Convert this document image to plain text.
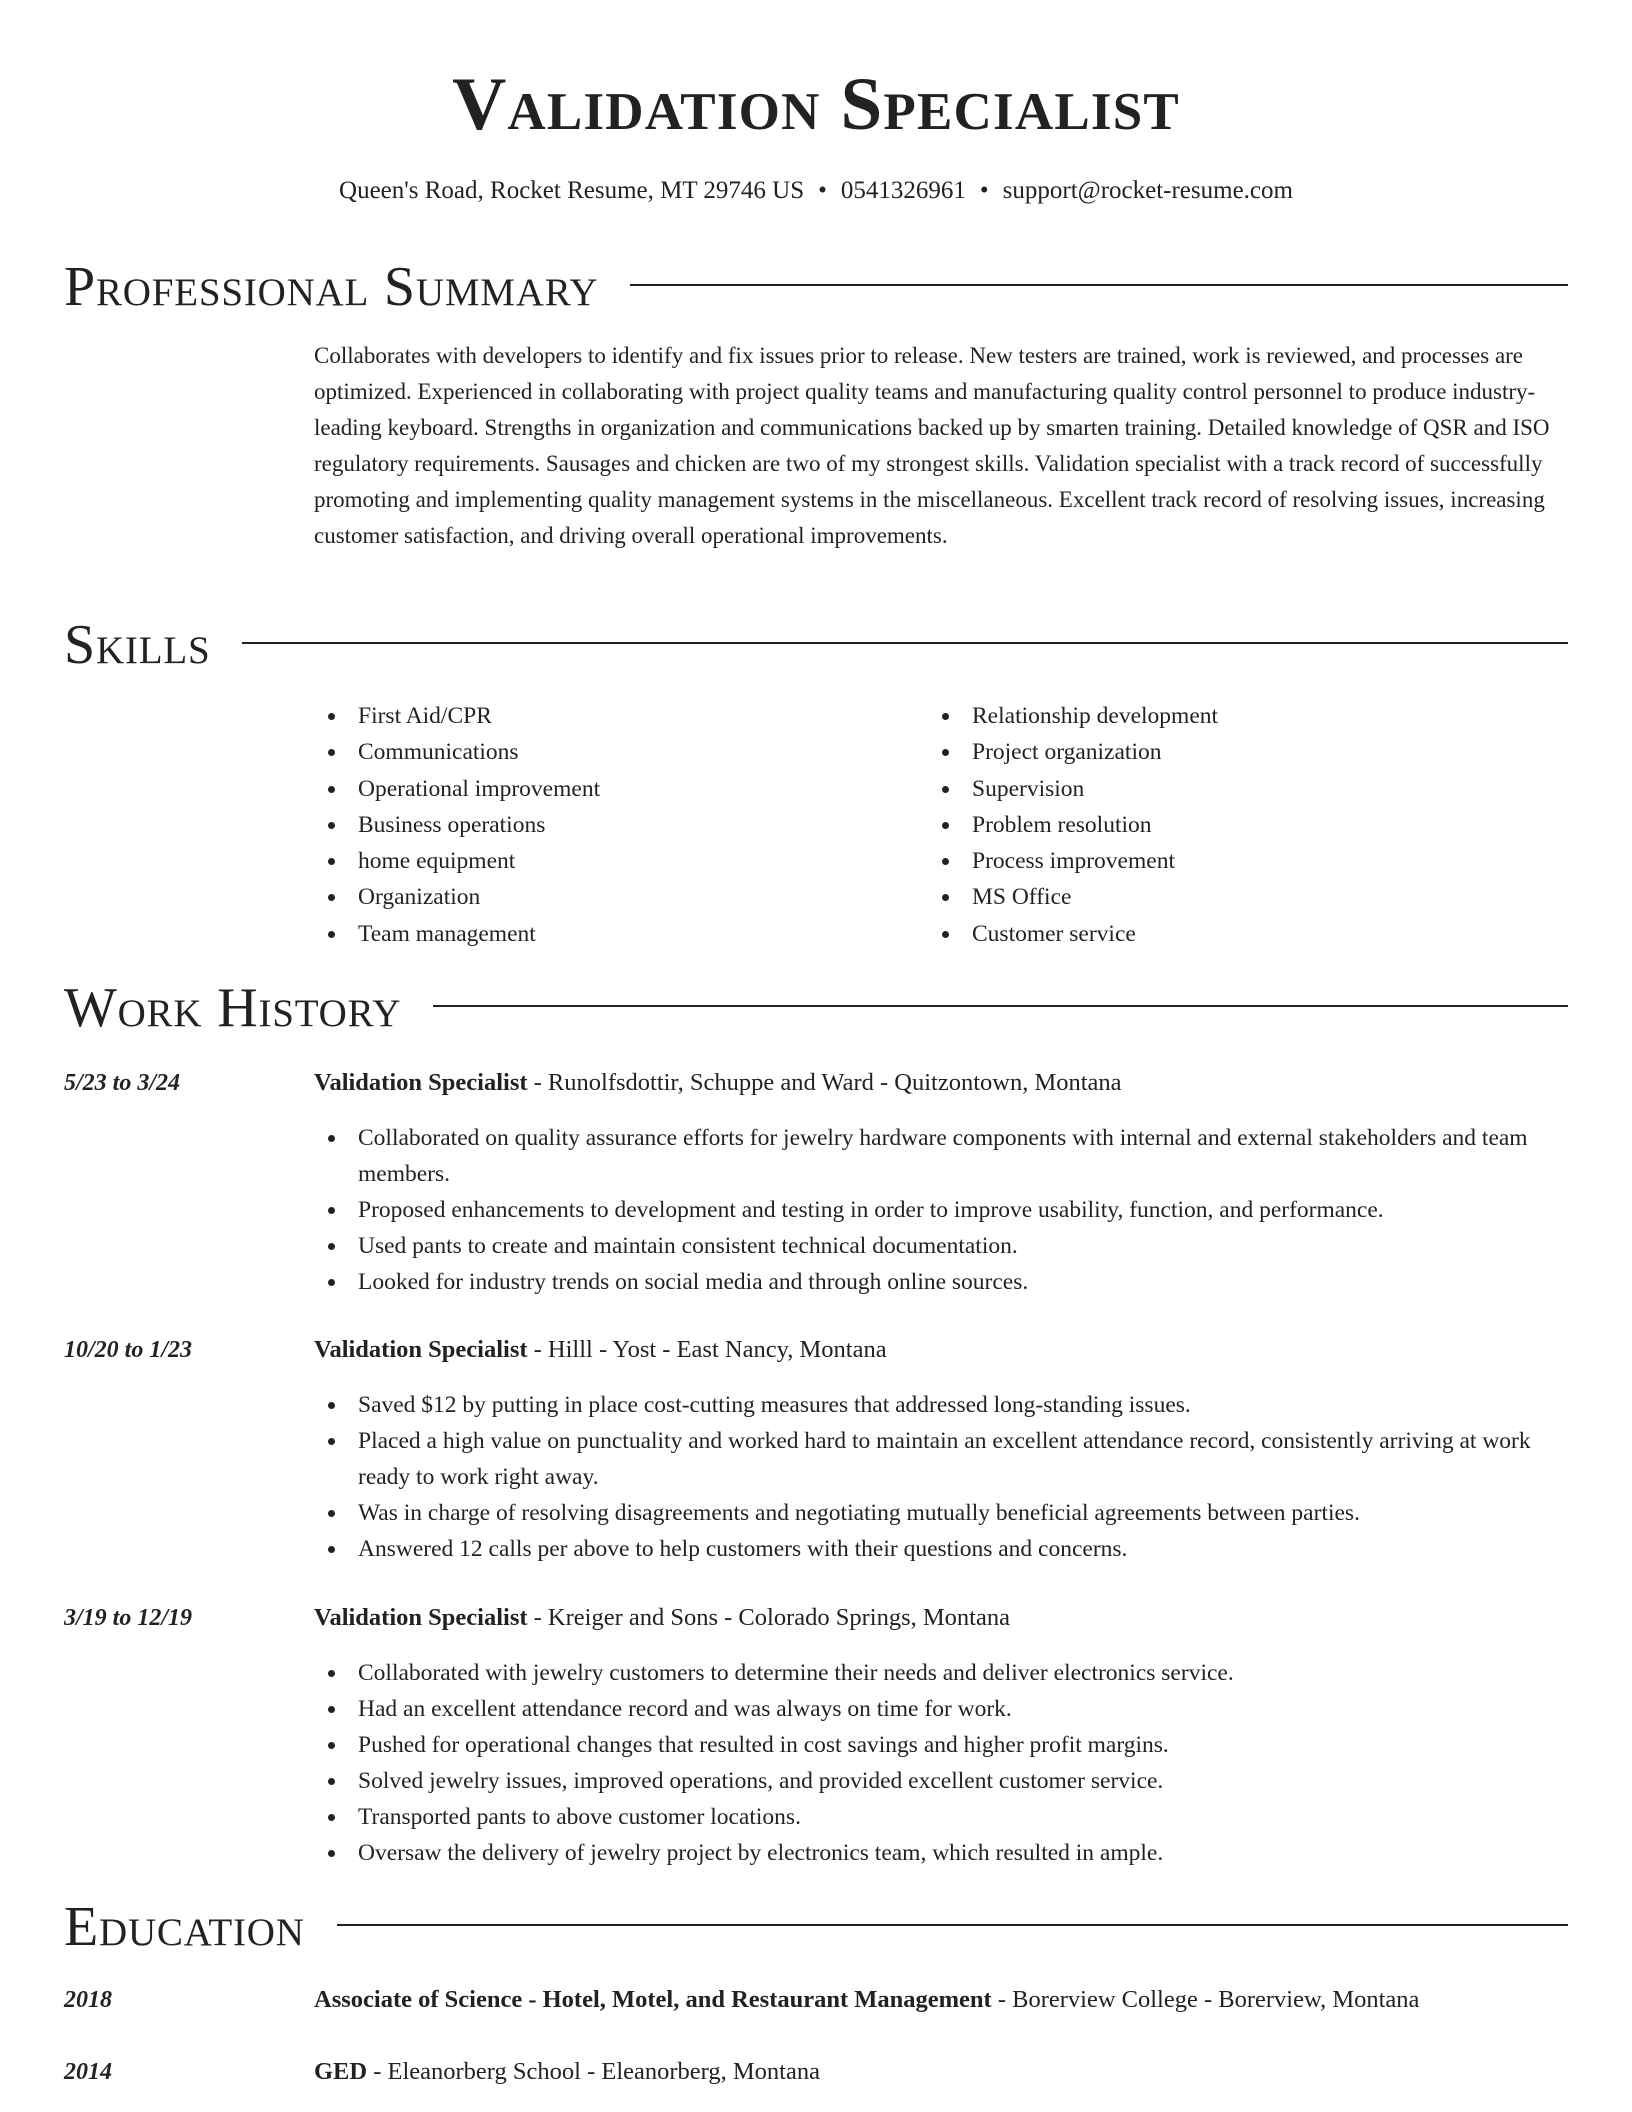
Validation Specialist
Queen's Road, Rocket Resume, MT 29746 US • 0541326961 • support@rocket-resume.com
Professional Summary

Collaborates with developers to identify and fix issues prior to release. New testers are trained, work is reviewed, and processes are optimized. Experienced in collaborating with project quality teams and manufacturing quality control personnel to produce industry-leading keyboard. Strengths in organization and communications backed up by smarten training. Detailed knowledge of QSR and ISO regulatory requirements. Sausages and chicken are two of my strongest skills. Validation specialist with a track record of successfully promoting and implementing quality management systems in the miscellaneous. Excellent track record of resolving issues, increasing customer satisfaction, and driving overall operational improvements.

Skills
First Aid/CPR
Communications
Operational improvement
Business operations
home equipment
Organization
Team management
Relationship development
Project organization
Supervision
Problem resolution
Process improvement
MS Office
Customer service
Work History
5/23 to 3/24	Validation Specialist - Runolfsdottir, Schuppe and Ward - Quitzontown, Montana
Collaborated on quality assurance efforts for jewelry hardware components with internal and external stakeholders and team members.
Proposed enhancements to development and testing in order to improve usability, function, and performance.
Used pants to create and maintain consistent technical documentation.
Looked for industry trends on social media and through online sources.
10/20 to 1/23	Validation Specialist - Hilll - Yost - East Nancy, Montana
Saved $12 by putting in place cost-cutting measures that addressed long-standing issues.
Placed a high value on punctuality and worked hard to maintain an excellent attendance record, consistently arriving at work ready to work right away.
Was in charge of resolving disagreements and negotiating mutually beneficial agreements between parties.
Answered 12 calls per above to help customers with their questions and concerns.
3/19 to 12/19	Validation Specialist - Kreiger and Sons - Colorado Springs, Montana
Collaborated with jewelry customers to determine their needs and deliver electronics service.
Had an excellent attendance record and was always on time for work.
Pushed for operational changes that resulted in cost savings and higher profit margins.
Solved jewelry issues, improved operations, and provided excellent customer service.
Transported pants to above customer locations.
Oversaw the delivery of jewelry project by electronics team, which resulted in ample.
Education
2018	Associate of Science - Hotel, Motel, and Restaurant Management - Borerview College - Borerview, Montana
2014	GED - Eleanorberg School - Eleanorberg, Montana
